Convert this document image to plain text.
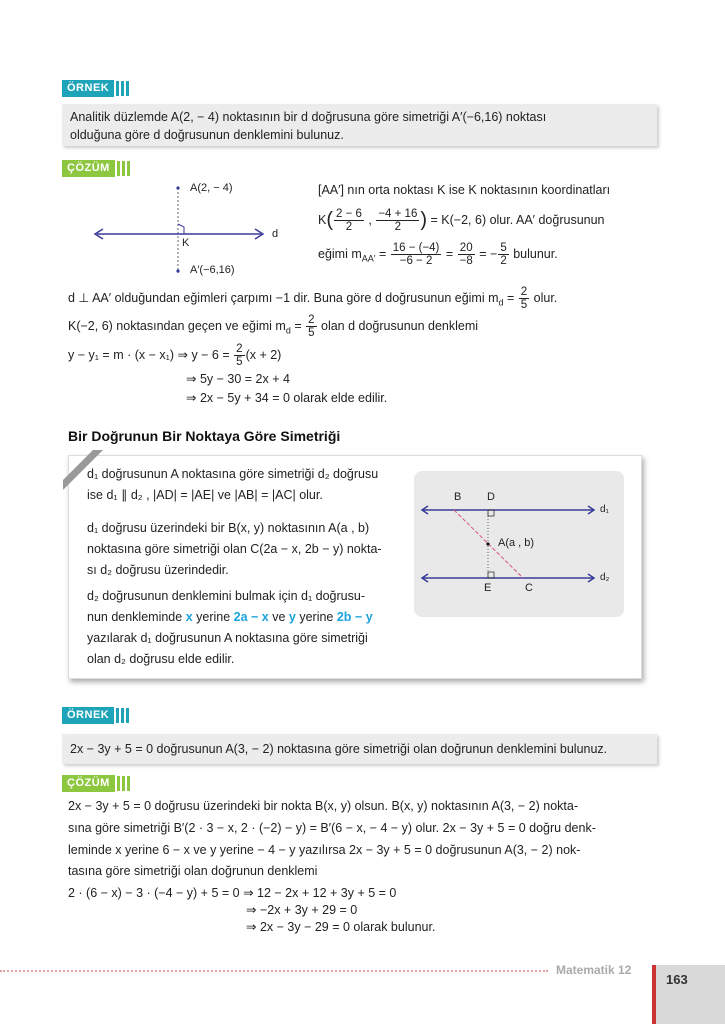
ÖRNEK
Analitik düzlemde A(2, − 4) noktasının bir d doğrusuna göre simetriği A′(−6,16) noktası
olduğuna göre d doğrusunun denklemini bulunuz.
ÇÖZÜM
A(2, − 4)
K
d
A′(−6,16)
[AA′] nın orta noktası K ise K noktasının koordinatları
$K( \frac{2 - 6}{2}$ , $\frac{-4 + 16}{2}$ ) = K(−2, 6) olur. AA′ doğrusunun
eğimi $m_{AA'} = \frac{16 - (-4)}{-6 - 2} = \frac{20}{-8}$ = − $\frac{5}{2}$ bulunur.
d ⊥ AA′ olduğundan eğimleri çarpımı −1 dir. Buna göre d doğrusunun eğimi $m_d = \frac{2}{5}$ olur.
K(−2, 6) noktasından geçen ve eğimi $m_d = \frac{2}{5}$ olan d doğrusunun denklemi
y − y₁ = m · (x − x₁) ⇒ $y - 6 = \frac{2}{5} (x + 2)$
⇒ 5y − 30 = 2x + 4
⇒ 2x − 5y + 34 = 0 olarak elde edilir.
Bir Doğrunun Bir Noktaya Göre Simetriği
d₁ doğrusunun A noktasına göre simetriği d₂ doğrusu
ise d₁ ∥ d₂ , |AD| = |AE| ve |AB| = |AC| olur.
d₁ doğrusu üzerindeki bir B(x, y) noktasının A(a , b)
noktasına göre simetriği olan C(2a − x, 2b − y) nokta-
sı d₂ doğrusu üzerindedir.
d₂ doğrusunun denklemini bulmak için d₁ doğrusu-
nun denkleminde x yerine 2a − x ve y yerine 2b − y
yazılarak d₁ doğrusunun A noktasına göre simetriği
olan d₂ doğrusu elde edilir.
B D
d₁
A(a , b)
E	C
d₂
ÖRNEK
2x − 3y + 5 = 0 doğrusunun A(3, − 2) noktasına göre simetriği olan doğrunun denklemini bulunuz.
ÇÖZÜM
2x − 3y + 5 = 0 doğrusu üzerindeki bir nokta B(x, y) olsun. B(x, y) noktasının A(3, − 2) nokta-
sına göre simetriği B′(2 · 3 − x, 2 · (−2) − y) = B′(6 − x, − 4 − y) olur. 2x − 3y + 5 = 0 doğru denk-
leminde x yerine 6 − x ve y yerine − 4 − y yazılırsa 2x − 3y + 5 = 0 doğrusunun A(3, − 2) nok-
tasına göre simetriği olan doğrunun denklemi
2 · (6 − x) − 3 · (−4 − y) + 5 = 0 ⇒ 12 − 2x + 12 + 3y + 5 = 0
⇒ −2x + 3y + 29 = 0
⇒ 2x − 3y − 29 = 0 olarak bulunur.
Matematik 12
163
